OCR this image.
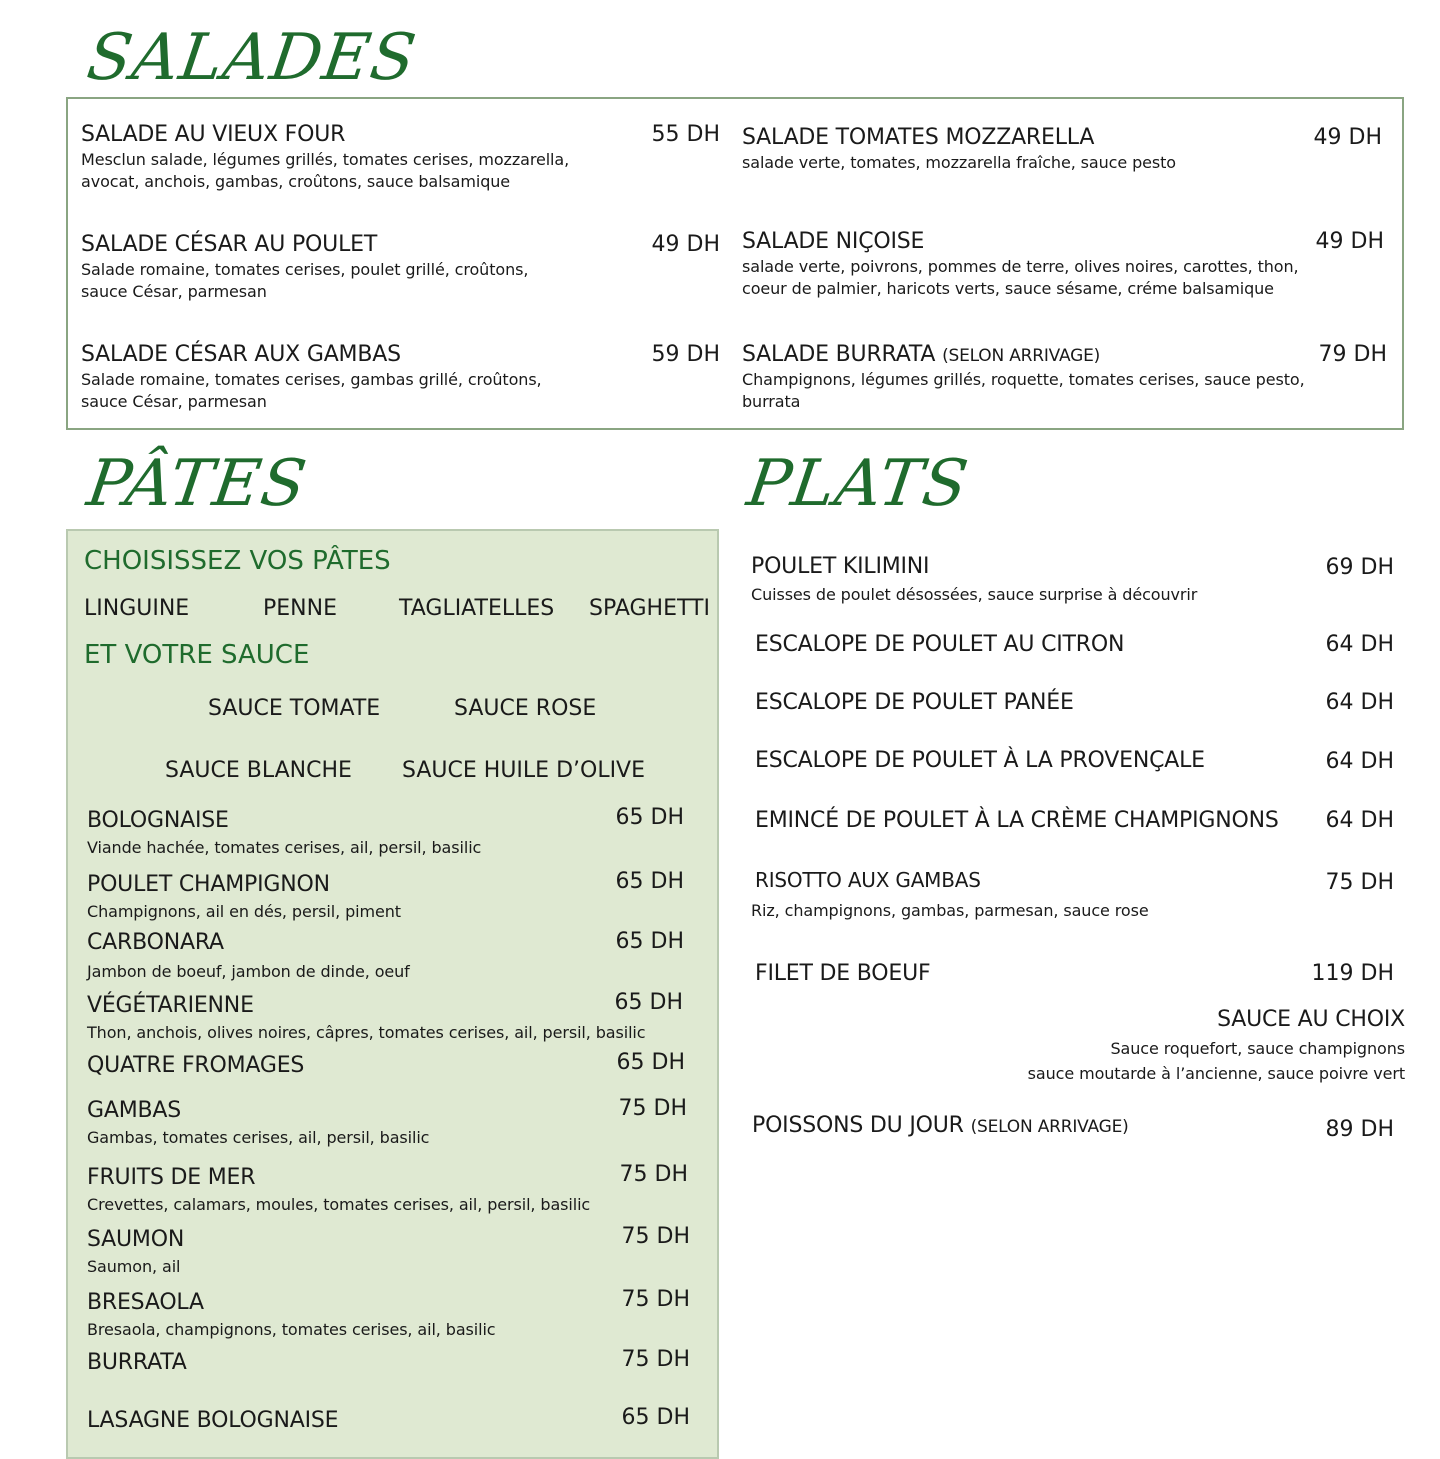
SALADES
SALADE AU VIEUX FOUR	55 DH
Mesclun salade, légumes grillés, tomates cerises, mozzarella,
avocat, anchois, gambas, croûtons, sauce balsamique
SALADE CÉSAR AU POULET	49 DH
Salade romaine, tomates cerises, poulet grillé, croûtons,
sauce César, parmesan
SALADE CÉSAR AUX GAMBAS	59 DH
Salade romaine, tomates cerises, gambas grillé, croûtons,
sauce César, parmesan
SALADE TOMATES MOZZARELLA	49 DH
salade verte, tomates, mozzarella fraîche, sauce pesto
SALADE NIÇOISE	49 DH
salade verte, poivrons, pommes de terre, olives noires, carottes, thon,
coeur de palmier, haricots verts, sauce sésame, créme balsamique
SALADE BURRATA (SELON ARRIVAGE)	79 DH
Champignons, légumes grillés, roquette, tomates cerises, sauce pesto,
burrata
PÂTES
CHOISISSEZ VOS PÂTES
LINGUINE	PENNE	TAGLIATELLES SPAGHETTI
ET VOTRE SAUCE
SAUCE TOMATE	SAUCE ROSE
SAUCE BLANCHE SAUCE HUILE D’OLIVE
BOLOGNAISE	65 DH
Viande hachée, tomates cerises, ail, persil, basilic
POULET CHAMPIGNON	65 DH
Champignons, ail en dés, persil, piment
CARBONARA	65 DH
Jambon de boeuf, jambon de dinde, oeuf
VÉGÉTARIENNE	65 DH
Thon, anchois, olives noires, câpres, tomates cerises, ail, persil, basilic
QUATRE FROMAGES	65 DH
GAMBAS	75 DH
Gambas, tomates cerises, ail, persil, basilic
FRUITS DE MER	75 DH
Crevettes, calamars, moules, tomates cerises, ail, persil, basilic
SAUMON	75 DH
Saumon, ail
BRESAOLA	75 DH
Bresaola, champignons, tomates cerises, ail, basilic
BURRATA	75 DH
LASAGNE BOLOGNAISE	65 DH
PLATS
POULET KILIMINI	69 DH
Cuisses de poulet désossées, sauce surprise à découvrir
ESCALOPE DE POULET AU CITRON	64 DH
ESCALOPE DE POULET PANÉE	64 DH
ESCALOPE DE POULET À LA PROVENÇALE	64 DH
EMINCÉ DE POULET À LA CRÈME CHAMPIGNONS	64 DH
RISOTTO AUX GAMBAS	75 DH
Riz, champignons, gambas, parmesan, sauce rose
FILET DE BOEUF	119 DH
SAUCE AU CHOIX
Sauce roquefort, sauce champignons
sauce moutarde à l’ancienne, sauce poivre vert
POISSONS DU JOUR (SELON ARRIVAGE)	89 DH
